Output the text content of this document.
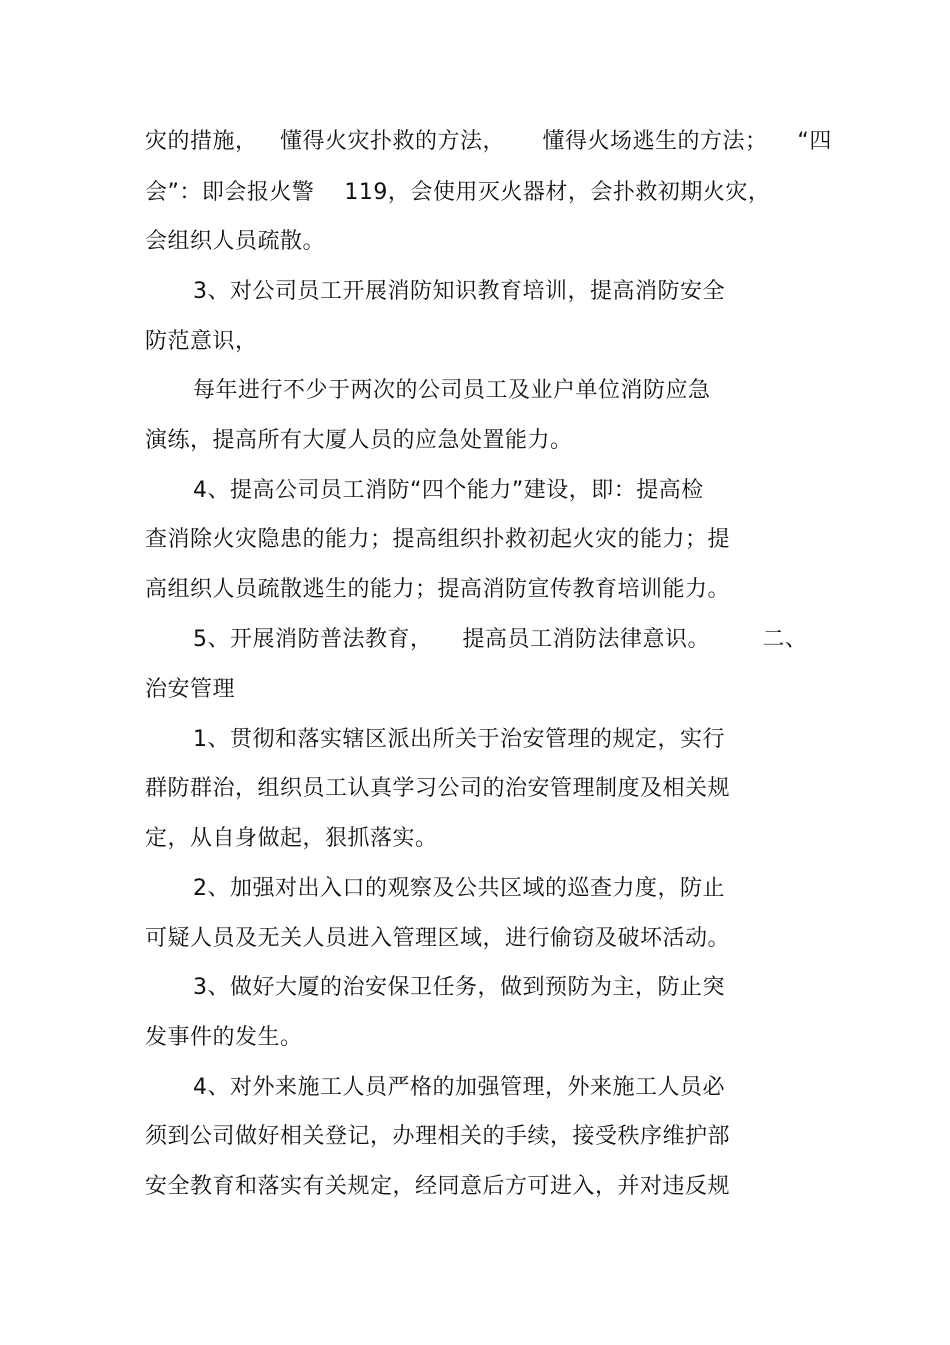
灾的措施，   懂得火灾扑救的方法，     懂得火场逃生的方法；    “四
会”：即会报火警    119，会使用灭火器材，会扑救初期火灾，
会组织人员疏散。
3、对公司员工开展消防知识教育培训，提高消防安全
防范意识，
每年进行不少于两次的公司员工及业户单位消防应急
演练，提高所有大厦人员的应急处置能力。
4、提高公司员工消防“四个能力”建设，即：提高检
查消除火灾隐患的能力；提高组织扑救初起火灾的能力；提
高组织人员疏散逃生的能力；提高消防宣传教育培训能力。
5、开展消防普法教育，    提高员工消防法律意识。       二、
治安管理
1、贯彻和落实辖区派出所关于治安管理的规定，实行
群防群治，组织员工认真学习公司的治安管理制度及相关规
定，从自身做起，狠抓落实。
2、加强对出入口的观察及公共区域的巡查力度，防止
可疑人员及无关人员进入管理区域，进行偷窃及破坏活动。
3、做好大厦的治安保卫任务，做到预防为主，防止突
发事件的发生。
4、对外来施工人员严格的加强管理，外来施工人员必
须到公司做好相关登记，办理相关的手续，接受秩序维护部
安全教育和落实有关规定，经同意后方可进入，并对违反规
